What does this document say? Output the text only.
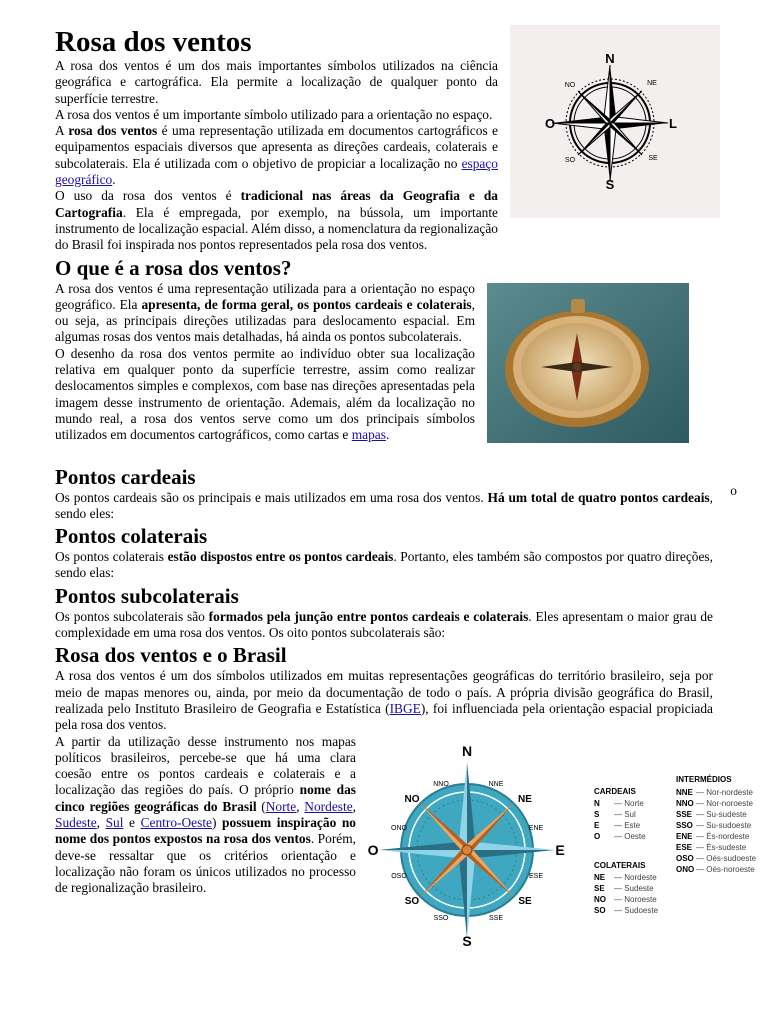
N
S
O	L
NO	NE
SO	SE
Rosa dos ventos

A rosa dos ventos é um dos mais importantes símbolos utilizados na ciência geográfica e cartográfica. Ela permite a localização de qualquer ponto da superfície terrestre.

A rosa dos ventos é um importante símbolo utilizado para a orientação no espaço.

A rosa dos ventos é uma representação utilizada em documentos cartográficos e equipamentos espaciais diversos que apresenta as direções cardeais, colaterais e subcolaterais. Ela é utilizada com o objetivo de propiciar a localização no espaço geográfico.

O uso da rosa dos ventos é tradicional nas áreas da Geografia e da Cartografia. Ela é empregada, por exemplo, na bússola, um importante instrumento de localização espacial. Além disso, a nomenclatura da regionalização do Brasil foi inspirada nos pontos representados pela rosa dos ventos.

O que é a rosa dos ventos?
o

A rosa dos ventos é uma representação utilizada para a orientação no espaço geográfico. Ela apresenta, de forma geral, os pontos cardeais e colaterais, ou seja, as principais direções utilizadas para deslocamento espacial. Em algumas rosas dos ventos mais detalhadas, há ainda os pontos subcolaterais.

O desenho da rosa dos ventos permite ao indivíduo obter sua localização relativa em qualquer ponto da superfície terrestre, assim como realizar deslocamentos simples e complexos, com base nas direções apresentadas pela imagem desse instrumento de orientação. Ademais, além da localização no mundo real, a rosa dos ventos serve como um dos principais símbolos utilizados em documentos cartográficos, como cartas e mapas.

Pontos cardeais

Os pontos cardeais são os principais e mais utilizados em uma rosa dos ventos. Há um total de quatro pontos cardeais, sendo eles:

Pontos colaterais

Os pontos colaterais estão dispostos entre os pontos cardeais. Portanto, eles também são compostos por quatro direções, sendo elas:

Pontos subcolaterais

Os pontos subcolaterais são formados pela junção entre pontos cardeais e colaterais. Eles apresentam o maior grau de complexidade em uma rosa dos ventos. Os oito pontos subcolaterais são:

Rosa dos ventos e o Brasil

A rosa dos ventos é um dos símbolos utilizados em muitas representações geográficas do território brasileiro, seja por meio de mapas menores ou, ainda, por meio da documentação de todo o país. A própria divisão geográfica do Brasil, realizada pelo Instituto Brasileiro de Geografia e Estatística (IBGE), foi influenciada pela orientação espacial propiciada pela rosa dos ventos.

N
S
O	E
NO	NE
SO	SE
NNO	NNE
ONO	ENE
OSO	ESE
SSO	SSE
CARDEAIS
N — Norte
S — Sul
E — Este
O — Oeste
COLATERAIS
NE — Nordeste
SE — Sudeste
NO — Noroeste
SO — Sudoeste
INTERMÉDIOS
NNE — Nor-nordeste
NNO — Nor-noroeste
SSE — Su-sudeste
SSO — Su-sudoeste
ENE — És-nordeste
ESE — És-sudeste
OSO — Oés-sudoeste
ONO — Oés-noroeste

A partir da utilização desse instrumento nos mapas políticos brasileiros, percebe-se que há uma clara coesão entre os pontos cardeais e colaterais e a localização das regiões do país. O próprio nome das cinco regiões geográficas do Brasil (Norte, Nordeste, Sudeste, Sul e Centro-Oeste) possuem inspiração no nome dos pontos expostos na rosa dos ventos. Porém, deve-se ressaltar que os critérios orientação e localização não foram os únicos utilizados no processo de regionalização brasileiro.
